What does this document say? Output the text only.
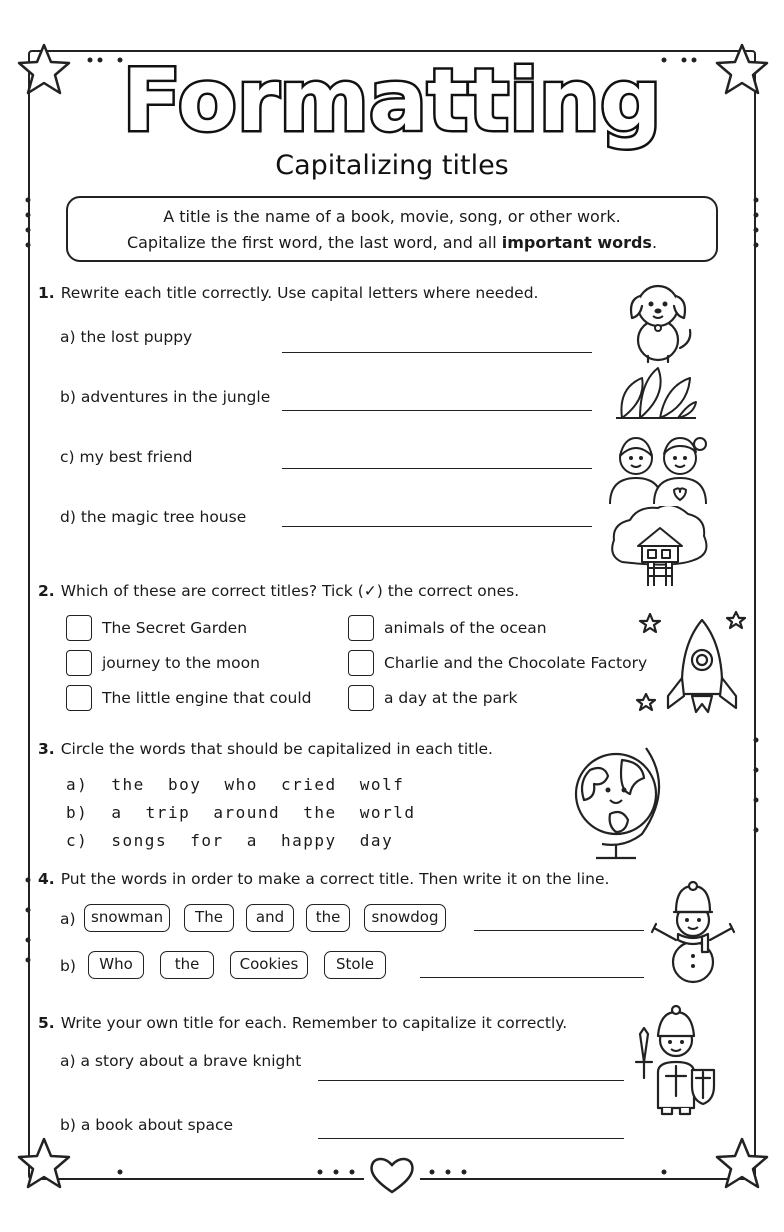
Formatting
Capitalizing titles
A title is the name of a book, movie, song, or other work.
Capitalize the first word, the last word, and all important words.
1. Rewrite each title correctly. Use capital letters where needed.
a) the lost puppy
b) adventures in the jungle
c) my best friend
d) the magic tree house
2. Which of these are correct titles? Tick (✓) the correct ones.
The Secret Garden	animals of the ocean
journey to the moon	Charlie and the Chocolate Factory
The little engine that could	a day at the park
3. Circle the words that should be capitalized in each title.
a) the boy who cried wolf
b) a trip around the world
c) songs for a happy day
4. Put the words in order to make a correct title. Then write it on the line.
a)	snowman	The	and	the	snowdog
b)	Who	the	Cookies	Stole
5. Write your own title for each. Remember to capitalize it correctly.
a) a story about a brave knight
b) a book about space
